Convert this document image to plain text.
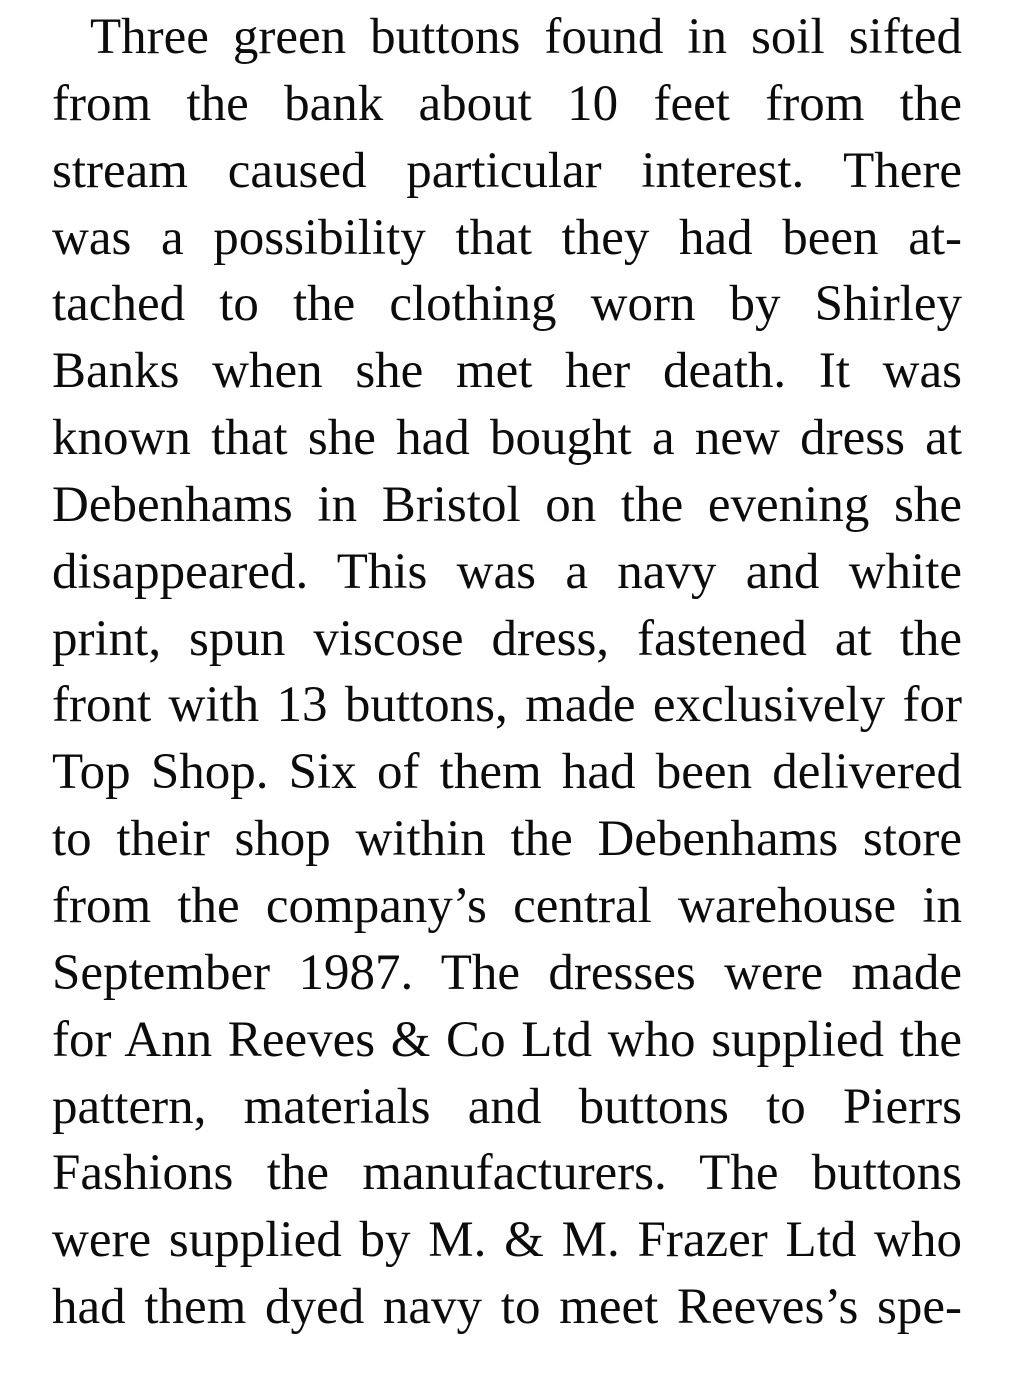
Three green buttons found in soil sifted
from the bank about 10 feet from the
stream caused particular interest. There
was a possibility that they had been at-
tached to the clothing worn by Shirley
Banks when she met her death. It was
known that she had bought a new dress at
Debenhams in Bristol on the evening she
disappeared. This was a navy and white
print, spun viscose dress, fastened at the
front with 13 buttons, made exclusively for
Top Shop. Six of them had been delivered
to their shop within the Debenhams store
from the company’s central warehouse in
September 1987. The dresses were made
for Ann Reeves & Co Ltd who supplied the
pattern, materials and buttons to Pierrs
Fashions the manufacturers. The buttons
were supplied by M. & M. Frazer Ltd who
had them dyed navy to meet Reeves’s spe-
